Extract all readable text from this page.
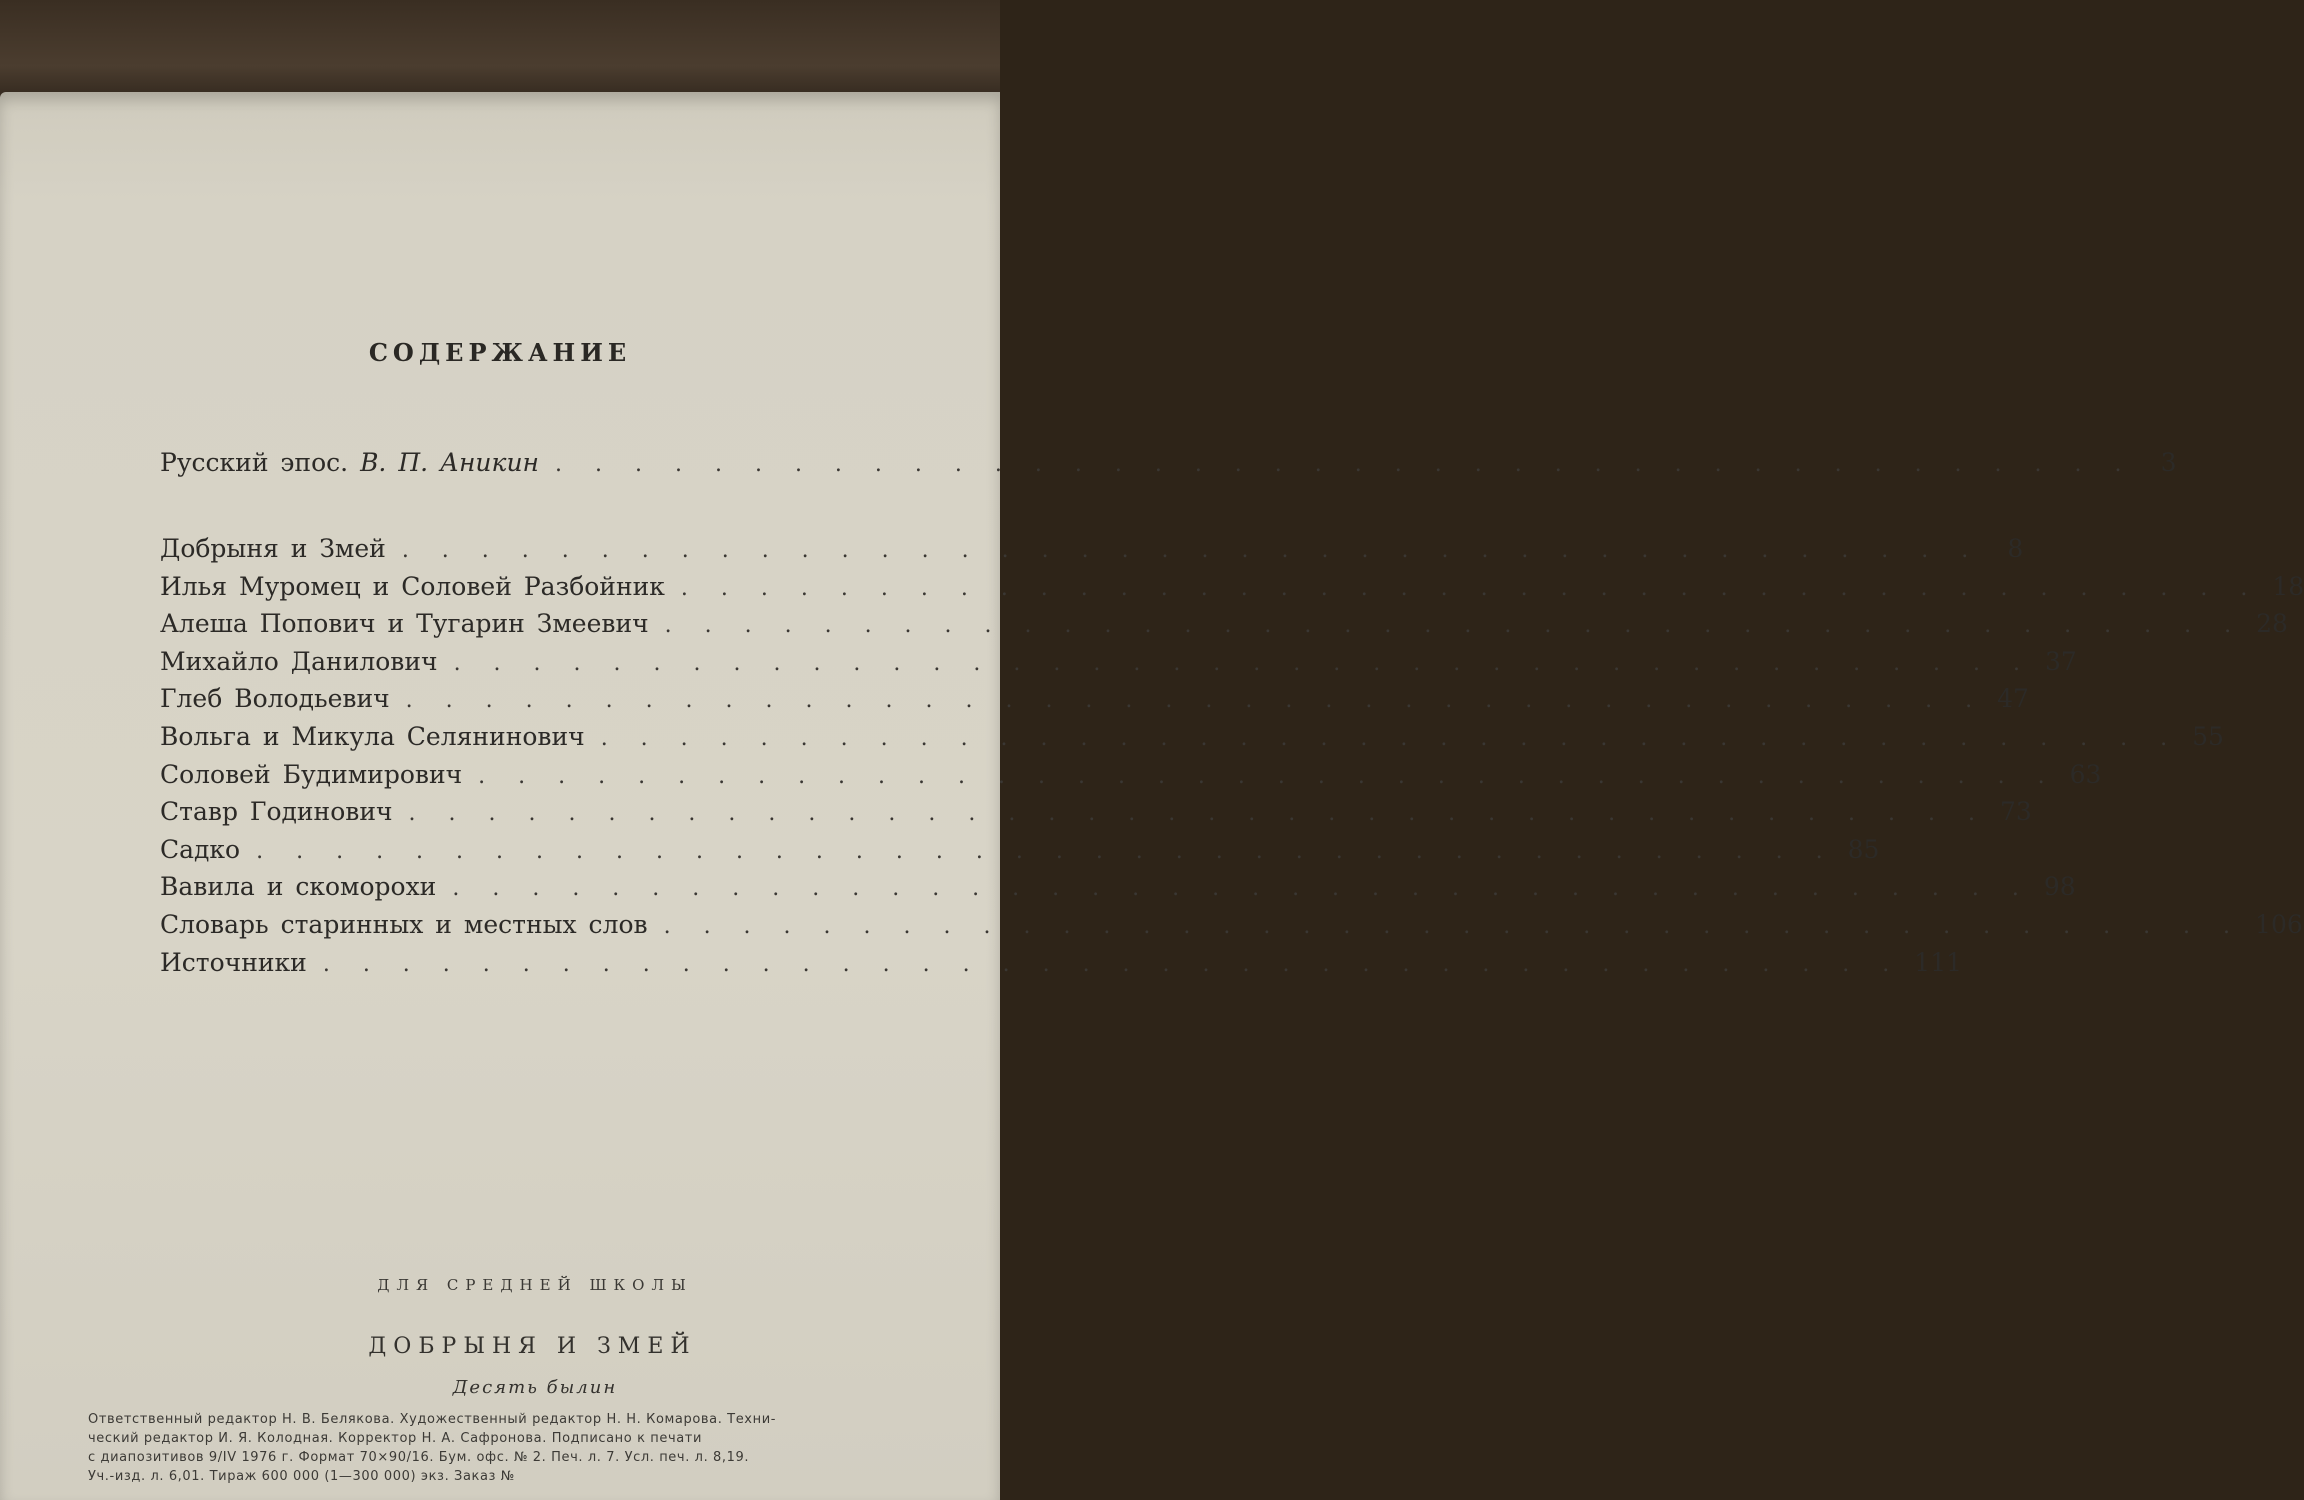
СОДЕРЖАНИЕ
Русский эпос. В. П. Аникин . . . . . . . . . . . . . . . . . . . . . . . . . . . . . . . . . . . . . . . .	3
Добрыня и Змей . . . . . . . . . . . . . . . . . . . . . . . . . . . . . . . . . . . . . . . .	8
Илья Муромец и Соловей Разбойник . . . . . . . . . . . . . . . . . . . . . . . . . . . . . . . . . . . . . . . . 18
Алеша Попович и Тугарин Змеевич . . . . . . . . . . . . . . . . . . . . . . . . . . . . . . . . . . . . . . . . 28
Михайло Данилович . . . . . . . . . . . . . . . . . . . . . . . . . . . . . . . . . . . . . . . . 37
Глеб Володьевич . . . . . . . . . . . . . . . . . . . . . . . . . . . . . . . . . . . . . . . . 47
Вольга и Микула Селянинович . . . . . . . . . . . . . . . . . . . . . . . . . . . . . . . . . . . . . . . . 55
Соловей Будимирович . . . . . . . . . . . . . . . . . . . . . . . . . . . . . . . . . . . . . . . . 63
Ставр Годинович . . . . . . . . . . . . . . . . . . . . . . . . . . . . . . . . . . . . . . . . 73
Садко . . . . . . . . . . . . . . . . . . . . . . . . . . . . . . . . . . . . . . . . 85
Вавила и скоморохи . . . . . . . . . . . . . . . . . . . . . . . . . . . . . . . . . . . . . . . . 98
Словарь старинных и местных слов . . . . . . . . . . . . . . . . . . . . . . . . . . . . . . . . . . . . . . . . 106
Источники . . . . . . . . . . . . . . . . . . . . . . . . . . . . . . . . . . . . . . . . 111
ДЛЯ СРЕДНЕЙ ШКОЛЫ
ДОБРЫНЯ И ЗМЕЙ
Десять былин
Ответственный редактор Н. В. Белякова. Художественный редактор Н. Н. Комарова. Техни-
ческий редактор И. Я. Колодная. Корректор Н. А. Сафронова. Подписано к печати
с диапозитивов 9/IV 1976 г. Формат 70×90/16. Бум. офс. № 2. Печ. л. 7. Усл. печ. л. 8,19.
Уч.-изд. л. 6,01. Тираж 600 000 (1—300 000) экз. Заказ №
